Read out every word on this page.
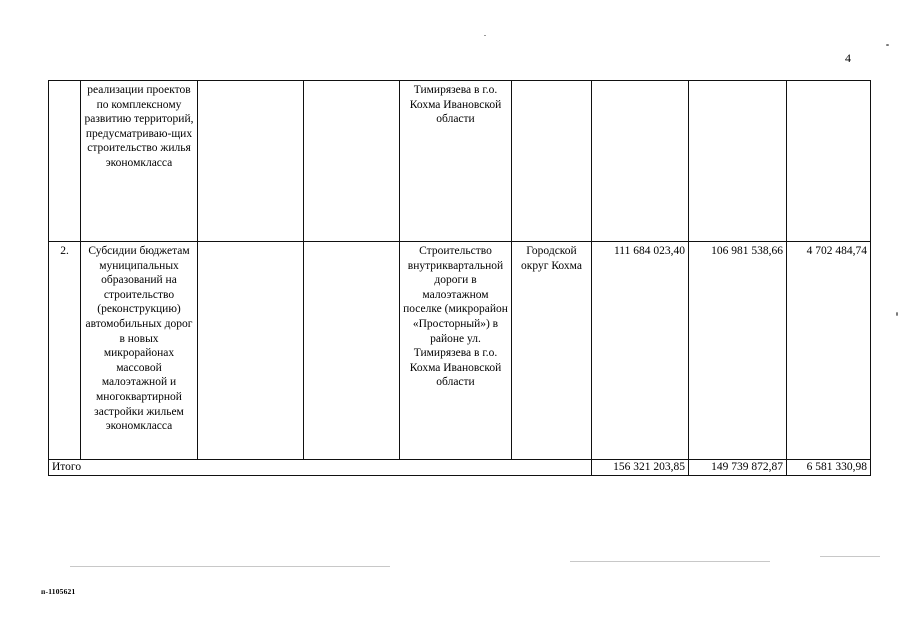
4
	реализации проектов по комплексному развитию территорий, предусматриваю-щих строительство жилья экономкласса			Тимирязева в г.о. Кохма Ивановской области				
2.	Субсидии бюджетам муниципальных образований на строительство (реконструкцию) автомобильных дорог в новых микрорайонах массовой малоэтажной и многоквартирной застройки жильем экономкласса			Строительство внутриквартальной дороги в малоэтажном поселке (микрорайон «Просторный») в районе ул. Тимирязева в г.о. Кохма Ивановской области	Городской округ Кохма	111 684 023,40	106 981 538,66	4 702 484,74
Итого						156 321 203,85	149 739 872,87	6 581 330,98
п-1105621
